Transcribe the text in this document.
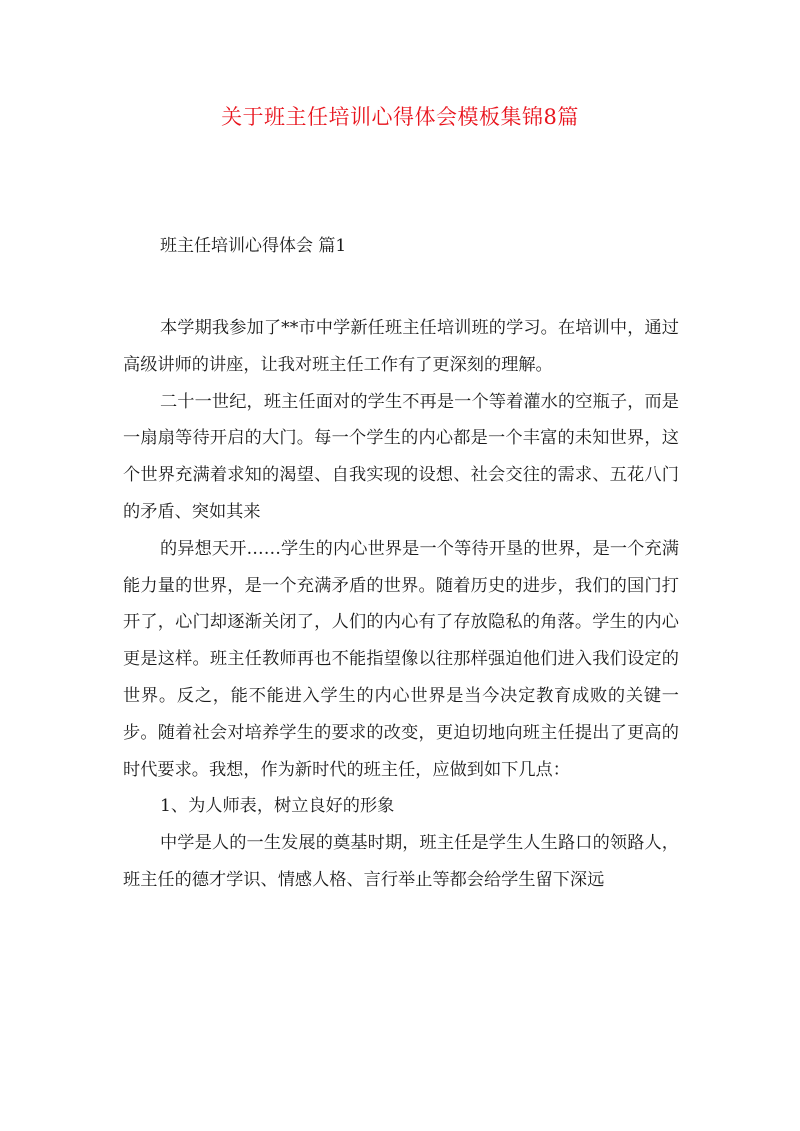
关于班主任培训心得体会模板集锦8篇
班主任培训心得体会 篇1

本学期我参加了**市中学新任班主任培训班的学习。在培训中，通过高级讲师的讲座，让我对班主任工作有了更深刻的理解。

二十一世纪，班主任面对的学生不再是一个等着灌水的空瓶子，而是一扇扇等待开启的大门。每一个学生的内心都是一个丰富的未知世界，这个世界充满着求知的渴望、自我实现的设想、社会交往的需求、五花八门的矛盾、突如其来

的异想天开……学生的内心世界是一个等待开垦的世界，是一个充满能力量的世界，是一个充满矛盾的世界。随着历史的进步，我们的国门打开了，心门却逐渐关闭了，人们的内心有了存放隐私的角落。学生的内心更是这样。班主任教师再也不能指望像以往那样强迫他们进入我们设定的世界。反之，能不能进入学生的内心世界是当今决定教育成败的关键一步。随着社会对培养学生的要求的改变，更迫切地向班主任提出了更高的时代要求。我想，作为新时代的班主任，应做到如下几点：

1、为人师表，树立良好的形象

中学是人的一生发展的奠基时期，班主任是学生人生路口的领路人，班主任的德才学识、情感人格、言行举止等都会给学生留下深远
